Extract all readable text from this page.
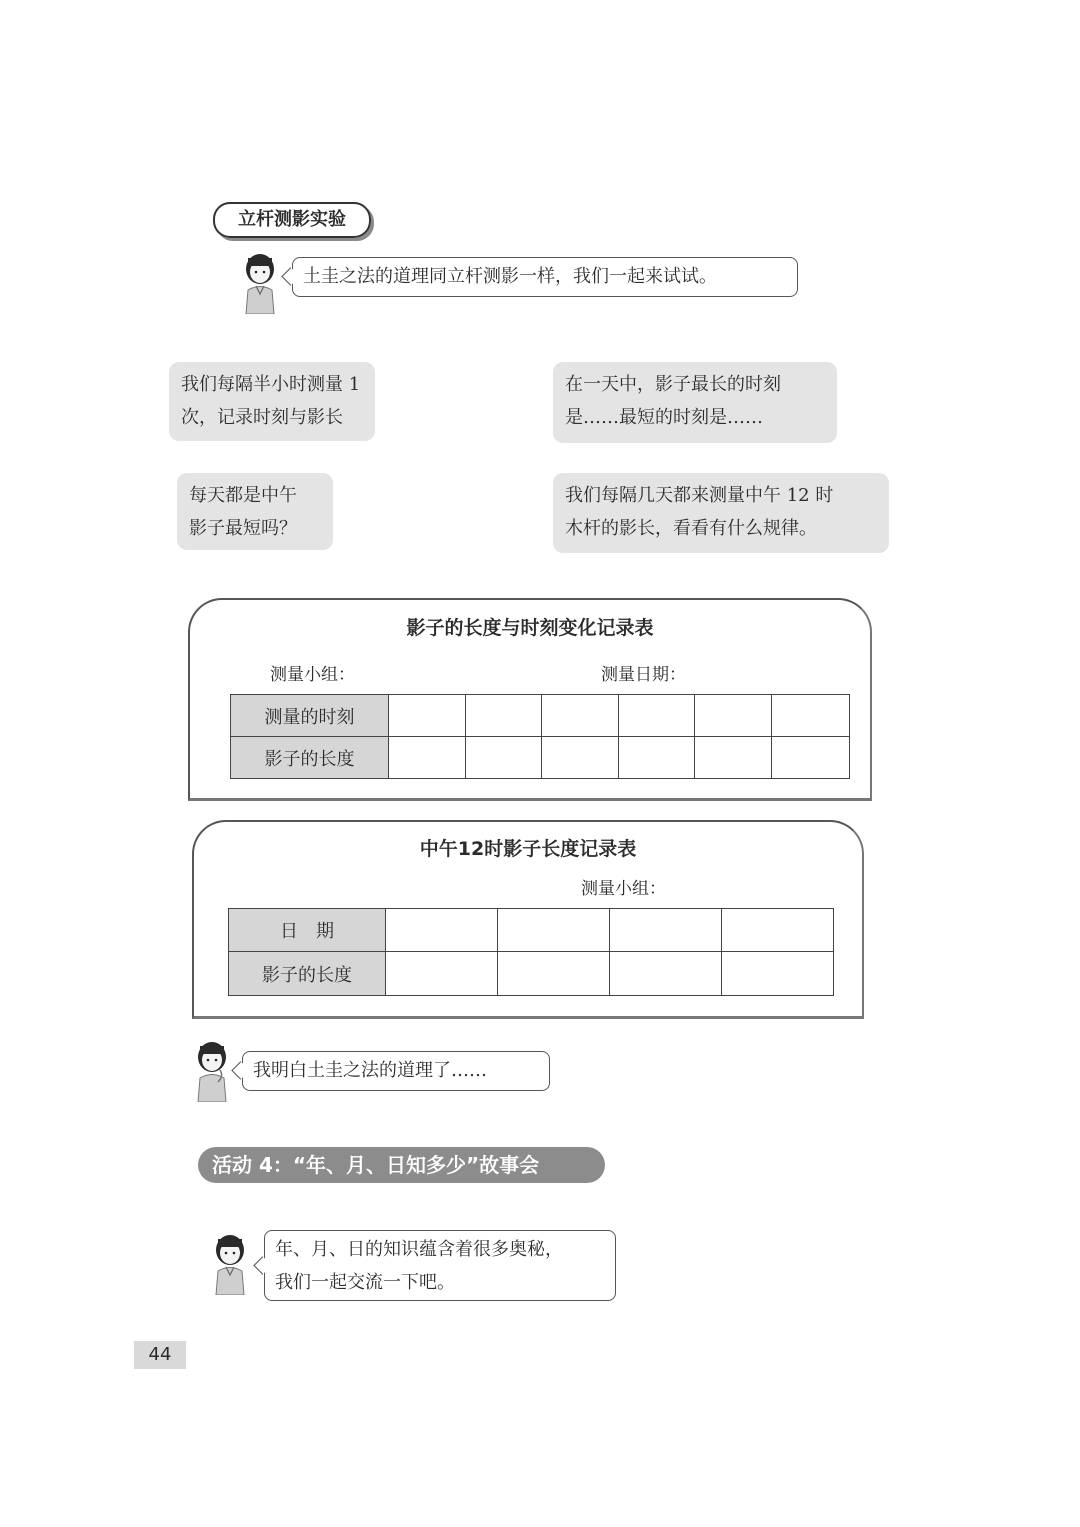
立杆测影实验
土圭之法的道理同立杆测影一样，我们一起来试试。
我们每隔半小时测量 1
次，记录时刻与影长
在一天中，影子最长的时刻
是……最短的时刻是……
每天都是中午
影子最短吗？
我们每隔几天都来测量中午 12 时
木杆的影长，看看有什么规律。
影子的长度与时刻变化记录表
测量小组：	测量日期：
测量的时刻						
影子的长度						
中午12时影子长度记录表
测量小组：
日　期				
影子的长度				
我明白土圭之法的道理了……
活动 4：“年、月、日知多少”故事会
年、月、日的知识蕴含着很多奥秘，
我们一起交流一下吧。
44
